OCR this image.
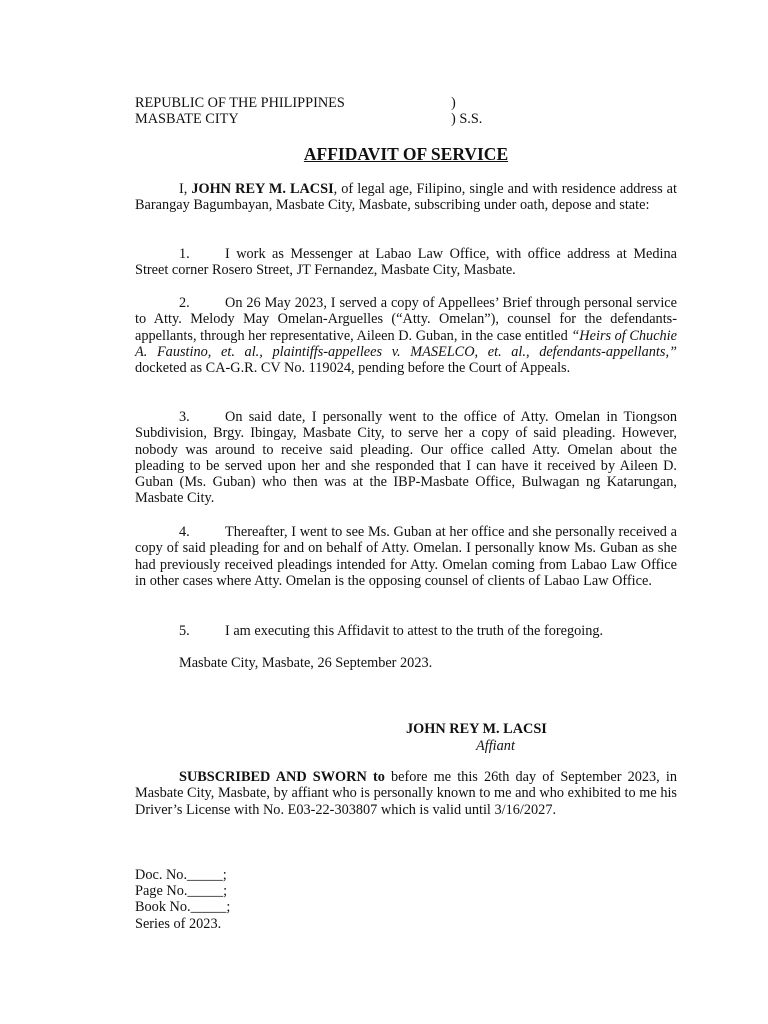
REPUBLIC OF THE PHILIPPINES	)
MASBATE CITY	) S.S.
AFFIDAVIT OF SERVICE
I, JOHN REY M. LACSI, of legal age, Filipino, single and with residence address at Barangay Bagumbayan, Masbate City, Masbate, subscribing under oath, depose and state:
1. I work as Messenger at Labao Law Office, with office address at Medina Street corner Rosero Street, JT Fernandez, Masbate City, Masbate.
2. On 26 May 2023, I served a copy of Appellees’ Brief through personal service to Atty. Melody May Omelan-Arguelles (“Atty. Omelan”), counsel for the defendants-appellants, through her representative, Aileen D. Guban, in the case entitled “Heirs of Chuchie A. Faustino, et. al., plaintiffs-appellees v. MASELCO, et. al., defendants-appellants,” docketed as CA-G.R. CV No. 119024, pending before the Court of Appeals.
3. On said date, I personally went to the office of Atty. Omelan in Tiongson Subdivision, Brgy. Ibingay, Masbate City, to serve her a copy of said pleading. However, nobody was around to receive said pleading. Our office called Atty. Omelan about the pleading to be served upon her and she responded that I can have it received by Aileen D. Guban (Ms. Guban) who then was at the IBP-Masbate Office, Bulwagan ng Katarungan, Masbate City.
4. Thereafter, I went to see Ms. Guban at her office and she personally received a copy of said pleading for and on behalf of Atty. Omelan. I personally know Ms. Guban as she had previously received pleadings intended for Atty. Omelan coming from Labao Law Office in other cases where Atty. Omelan is the opposing counsel of clients of Labao Law Office.
5. I am executing this Affidavit to attest to the truth of the foregoing.
Masbate City, Masbate, 26 September 2023.
JOHN REY M. LACSI
Affiant
SUBSCRIBED AND SWORN to before me this 26th day of September 2023, in Masbate City, Masbate, by affiant who is personally known to me and who exhibited to me his Driver’s License with No. E03-22-303807 which is valid until 3/16/2027.
Doc. No._____;
Page No._____;
Book No._____;
Series of 2023.
